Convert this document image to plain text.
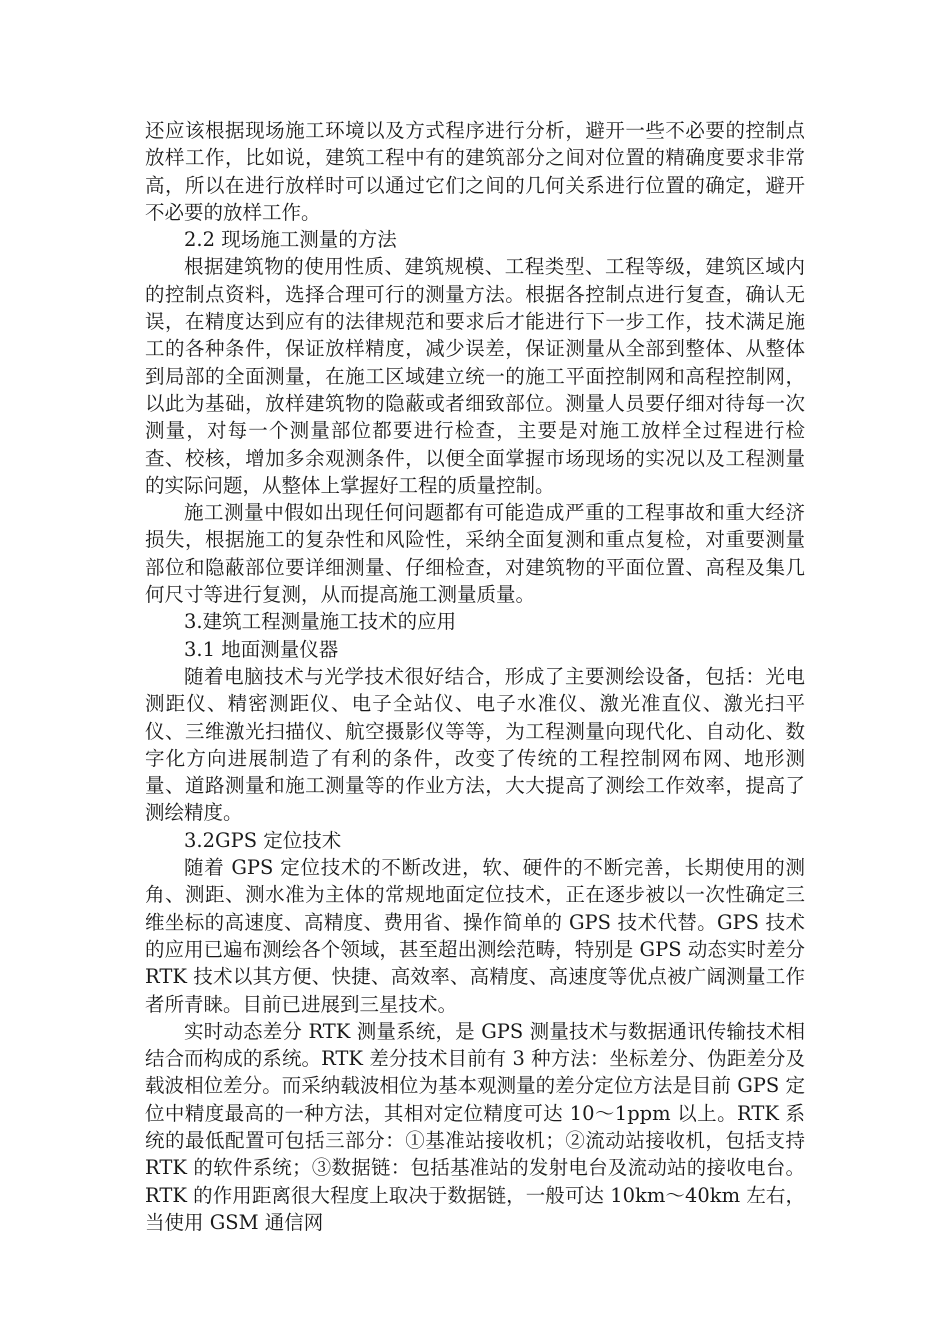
还应该根据现场施工环境以及方式程序进行分析，避开一些不必要的控制点放样工作，比如说，建筑工程中有的建筑部分之间对位置的精确度要求非常高，所以在进行放样时可以通过它们之间的几何关系进行位置的确定，避开不必要的放样工作。

2.2 现场施工测量的方法

根据建筑物的使用性质、建筑规模、工程类型、工程等级，建筑区域内的控制点资料，选择合理可行的测量方法。根据各控制点进行复查，确认无误，在精度达到应有的法律规范和要求后才能进行下一步工作，技术满足施工的各种条件，保证放样精度，减少误差，保证测量从全部到整体、从整体到局部的全面测量，在施工区域建立统一的施工平面控制网和高程控制网，以此为基础，放样建筑物的隐蔽或者细致部位。测量人员要仔细对待每一次测量，对每一个测量部位都要进行检查，主要是对施工放样全过程进行检查、校核，增加多余观测条件，以便全面掌握市场现场的实况以及工程测量的实际问题，从整体上掌握好工程的质量控制。

施工测量中假如出现任何问题都有可能造成严重的工程事故和重大经济损失，根据施工的复杂性和风险性，采纳全面复测和重点复检，对重要测量部位和隐蔽部位要详细测量、仔细检查，对建筑物的平面位置、高程及集几何尺寸等进行复测，从而提高施工测量质量。

3.建筑工程测量施工技术的应用

3.1 地面测量仪器

随着电脑技术与光学技术很好结合，形成了主要测绘设备，包括：光电测距仪、精密测距仪、电子全站仪、电子水准仪、激光准直仪、激光扫平仪、三维激光扫描仪、航空摄影仪等等，为工程测量向现代化、自动化、数字化方向进展制造了有利的条件，改变了传统的工程控制网布网、地形测量、道路测量和施工测量等的作业方法，大大提高了测绘工作效率，提高了测绘精度。

3.2GPS 定位技术

随着 GPS 定位技术的不断改进，软、硬件的不断完善，长期使用的测角、测距、测水准为主体的常规地面定位技术，正在逐步被以一次性确定三维坐标的高速度、高精度、费用省、操作简单的 GPS 技术代替。GPS 技术的应用已遍布测绘各个领域，甚至超出测绘范畴，特别是 GPS 动态实时差分 RTK 技术以其方便、快捷、高效率、高精度、高速度等优点被广阔测量工作者所青睐。目前已进展到三星技术。

实时动态差分 RTK 测量系统，是 GPS 测量技术与数据通讯传输技术相结合而构成的系统。RTK 差分技术目前有 3 种方法：坐标差分、伪距差分及载波相位差分。而采纳载波相位为基本观测量的差分定位方法是目前 GPS 定位中精度最高的一种方法，其相对定位精度可达 10～1ppm 以上。RTK 系统的最低配置可包括三部分：①基准站接收机；②流动站接收机，包括支持 RTK 的软件系统；③数据链：包括基准站的发射电台及流动站的接收电台。RTK 的作用距离很大程度上取决于数据链，一般可达 10km～40km 左右，当使用 GSM 通信网
